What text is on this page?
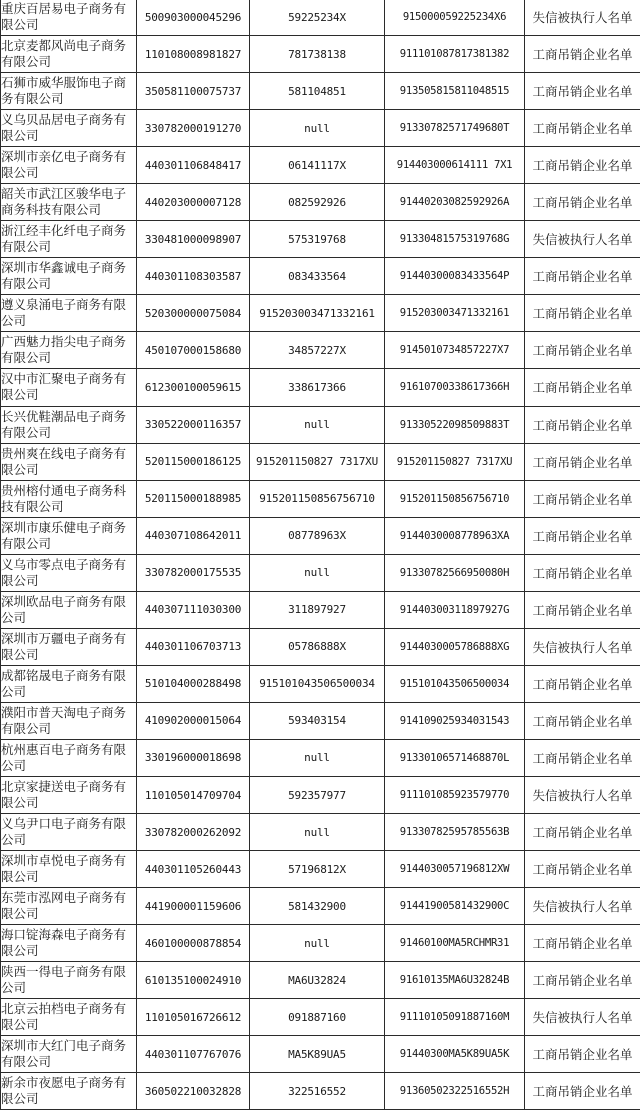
重庆百居易电子商务有限公司	500903000045296	59225234X	915000059225234X6	失信被执行人名单

北京麦都风尚电子商务有限公司	110108008981827	781738138	911101087817381382	工商吊销企业名单

石狮市威华服饰电子商务有限公司	350581100075737	581104851	913505815811048515	工商吊销企业名单

义乌贝品居电子商务有限公司	330782000191270	null	91330782571749680T	工商吊销企业名单

深圳市亲亿电子商务有限公司	440301106848417	06141117X	914403000614111 7X1	工商吊销企业名单

韶关市武江区骏华电子商务科技有限公司	440203000007128	082592926	91440203082592926A	工商吊销企业名单

浙江经丰化纤电子商务有限公司	330481000098907	575319768	91330481575319768G	失信被执行人名单

深圳市华鑫诚电子商务有限公司	440301108303587	083433564	91440300083433564P	工商吊销企业名单

遵义泉涌电子商务有限公司	520300000075084	915203003471332161	915203003471332161	工商吊销企业名单

广西魅力指尖电子商务有限公司	450107000158680	34857227X	9145010734857227X7	工商吊销企业名单

汉中市汇聚电子商务有限公司	612300100059615	338617366	91610700338617366H	工商吊销企业名单

长兴优鞋潮品电子商务有限公司	330522000116357	null	91330522098509883T	工商吊销企业名单

贵州爽在线电子商务有限公司	520115000186125	915201150827 7317XU	915201150827 7317XU	工商吊销企业名单

贵州榕付通电子商务科技有限公司	520115000188985	915201150856756710	915201150856756710	工商吊销企业名单

深圳市康乐健电子商务有限公司	440307108642011	08778963X	9144030008778963XA	工商吊销企业名单

义乌市零点电子商务有限公司	330782000175535	null	91330782566950080H	工商吊销企业名单

深圳欧品电子商务有限公司	440307111030300	311897927	91440300311897927G	工商吊销企业名单

深圳市万疆电子商务有限公司	440301106703713	05786888X	9144030005786888XG	失信被执行人名单

成都铭晟电子商务有限公司	510104000288498	915101043506500034	915101043506500034	工商吊销企业名单

濮阳市普天淘电子商务有限公司	410902000015064	593403154	914109025934031543	工商吊销企业名单

杭州惠百电子商务有限公司	330196000018698	null	91330106571468870L	工商吊销企业名单

北京家捷送电子商务有限公司	110105014709704	592357977	911101085923579770	失信被执行人名单

义乌尹口电子商务有限公司	330782000262092	null	91330782595785563B	工商吊销企业名单

深圳市卓悦电子商务有限公司	440301105260443	57196812X	9144030057196812XW	工商吊销企业名单

东莞市泓网电子商务有限公司	441900001159606	581432900	91441900581432900C	失信被执行人名单

海口锭海森电子商务有限公司	460100000878854	null	91460100MA5RCHMR31	工商吊销企业名单

陕西一得电子商务有限公司	610135100024910	MA6U32824	91610135MA6U32824B	工商吊销企业名单

北京云拍档电子商务有限公司	110105016726612	091887160	91110105091887160M	失信被执行人名单

深圳市大红门电子商务有限公司	440301107767076	MA5K89UA5	91440300MA5K89UA5K	工商吊销企业名单

新余市夜愿电子商务有限公司	360502210032828	322516552	91360502322516552H	工商吊销企业名单
